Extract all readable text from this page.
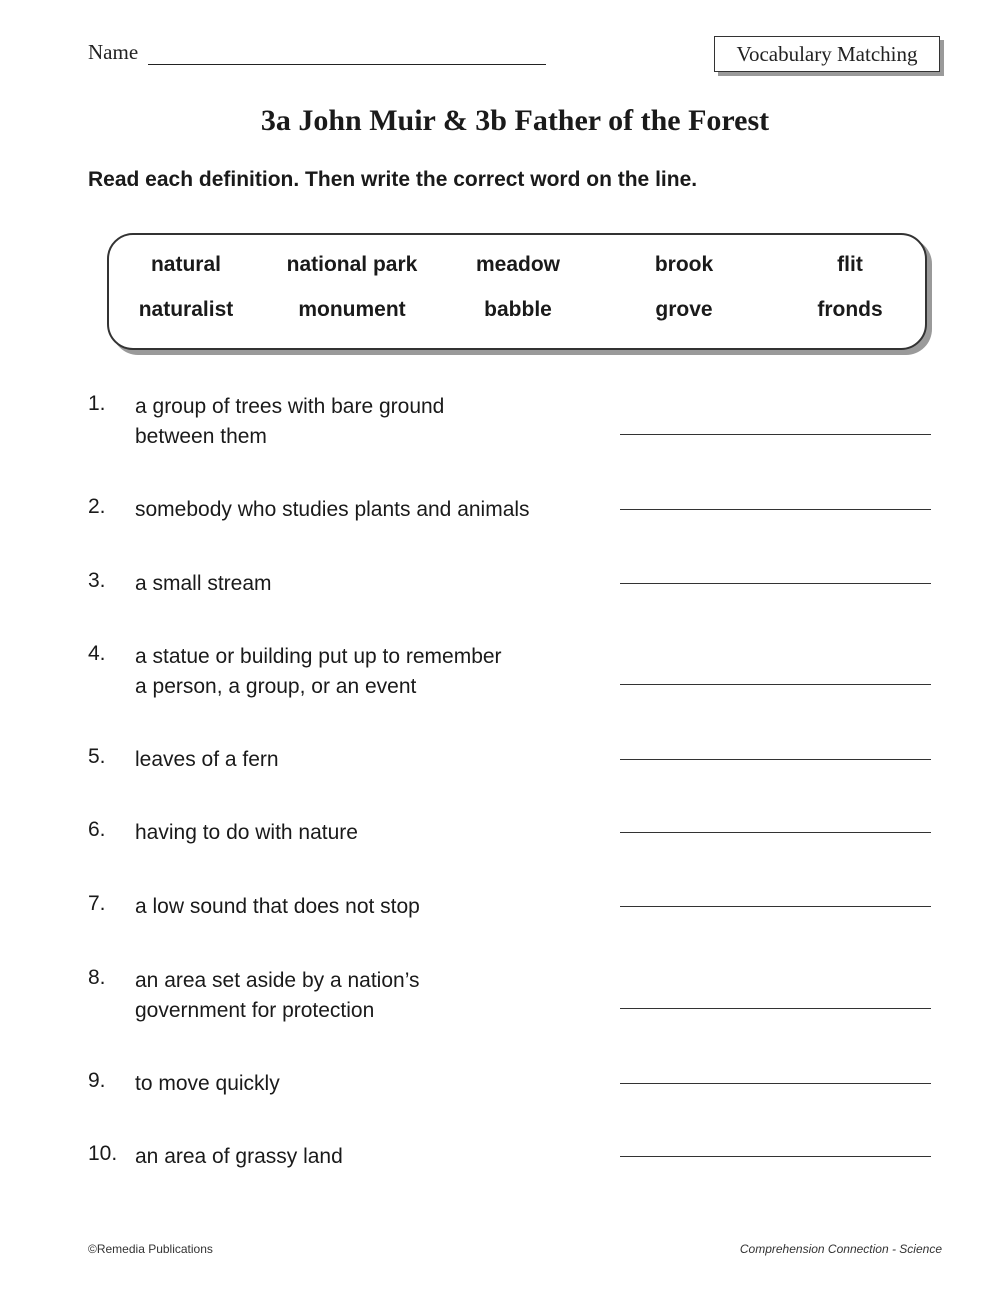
Name	Vocabulary Matching
3a John Muir & 3b Father of the Forest
Read each definition. Then write the correct word on the line.
natural	national park	meadow	brook	flit
naturalist	monument	babble	grove	fronds
1. a group of trees with bare ground
between them
2. somebody who studies plants and animals
3. a small stream
4. a statue or building put up to remember
a person, a group, or an event
5. leaves of a fern
6. having to do with nature
7. a low sound that does not stop
8. an area set aside by a nation’s
government for protection
9. to move quickly
10. an area of grassy land
©Remedia Publications	Comprehension Connection - Science
